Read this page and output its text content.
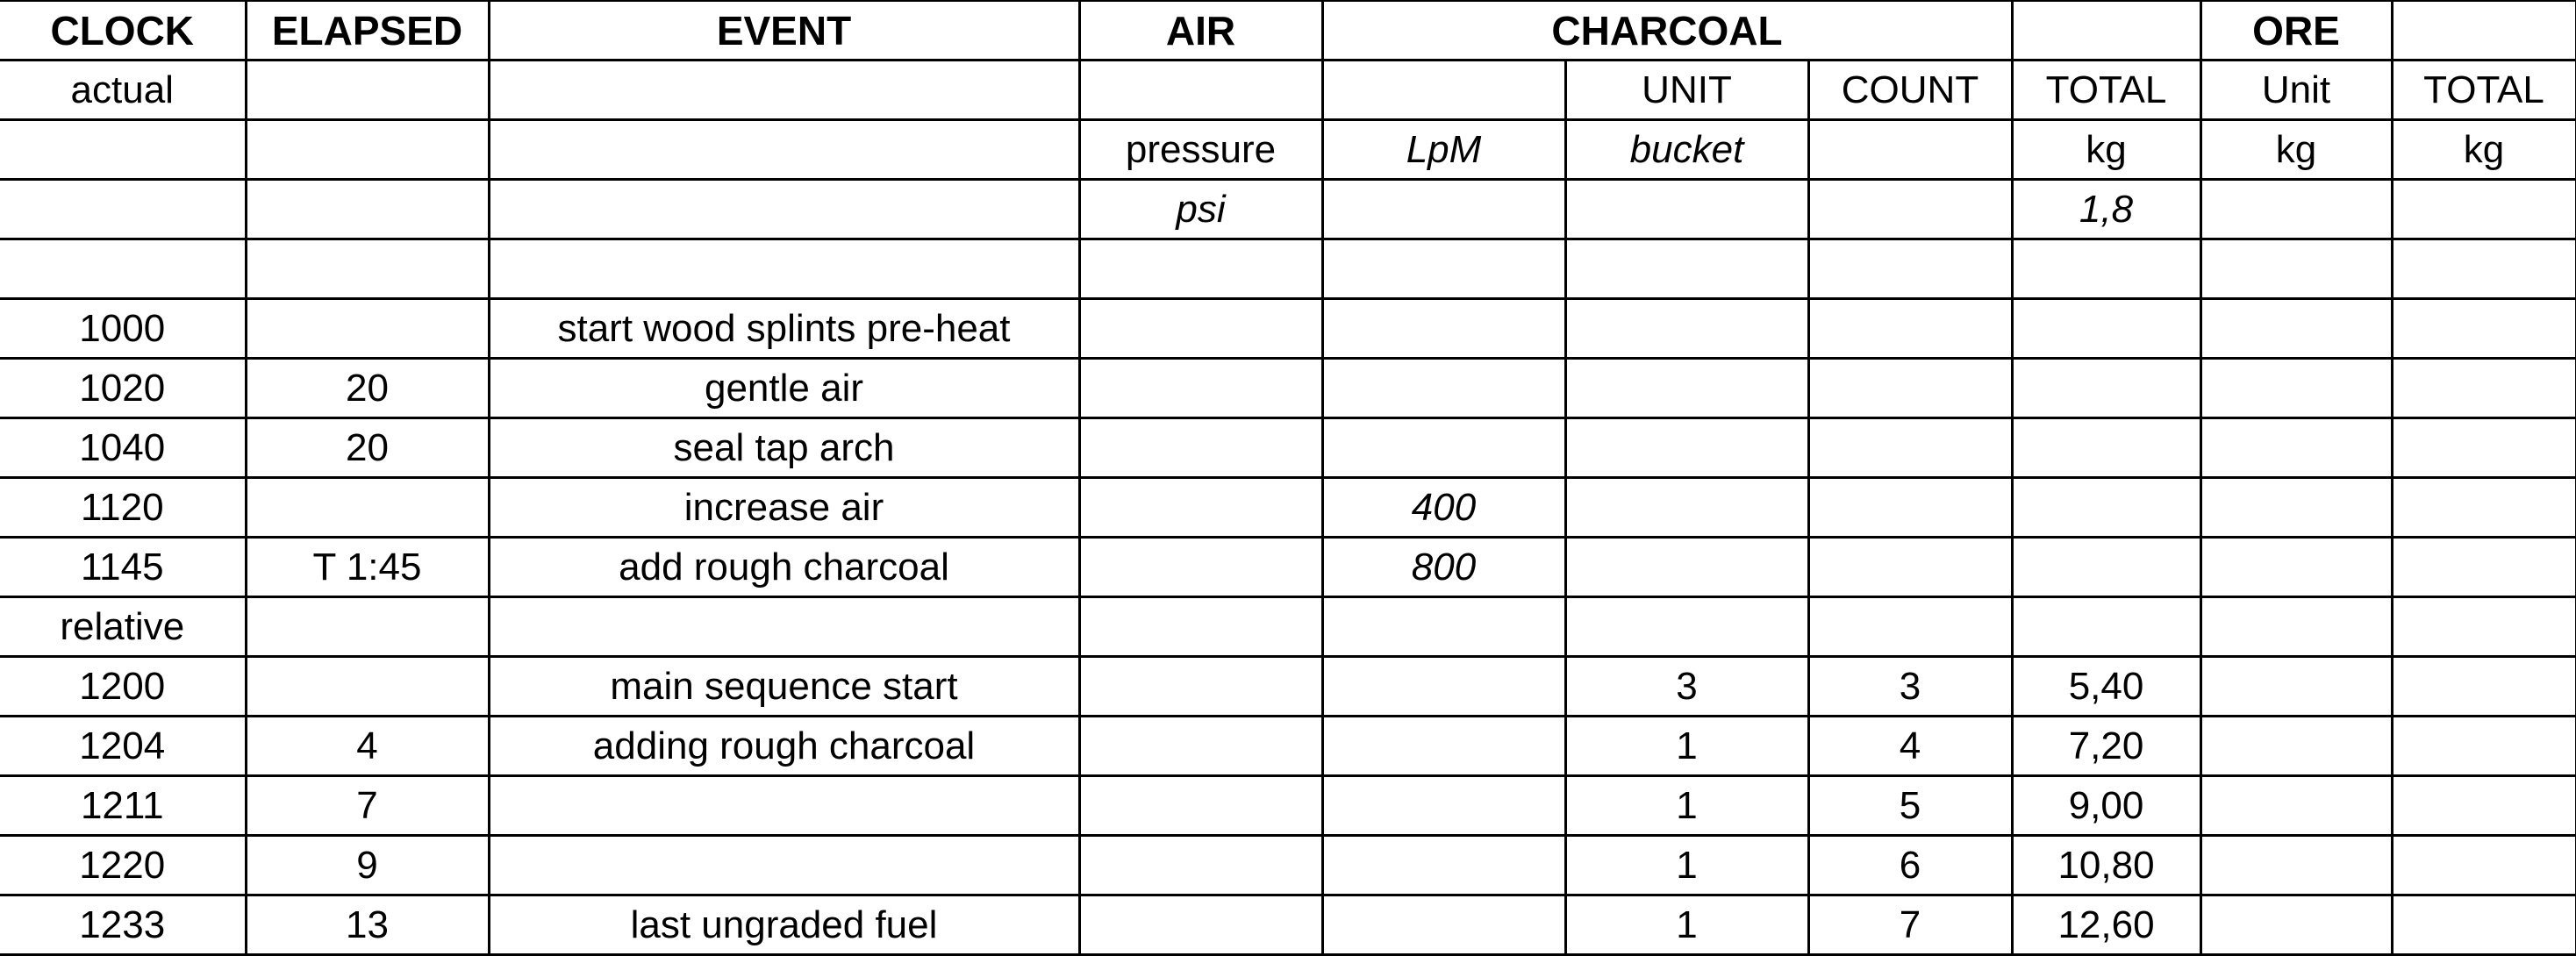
CLOCK	ELAPSED	EVENT	AIR	CHARCOAL				ORE	
actual					UNIT	COUNT	TOTAL	Unit	TOTAL
			pressure	LpM	bucket		kg	kg	kg
			psi				1,8		

1000		start wood splints pre-heat							
1020	20	gentle air							
1040	20	seal tap arch							
1120		increase air		400					
1145	T 1:45	add rough charcoal		800					
relative									
1200		main sequence start			3	3	5,40		
1204	4	adding rough charcoal			1	4	7,20		
1211	7				1	5	9,00		
1220	9				1	6	10,80		
1233	13	last ungraded fuel			1	7	12,60		
